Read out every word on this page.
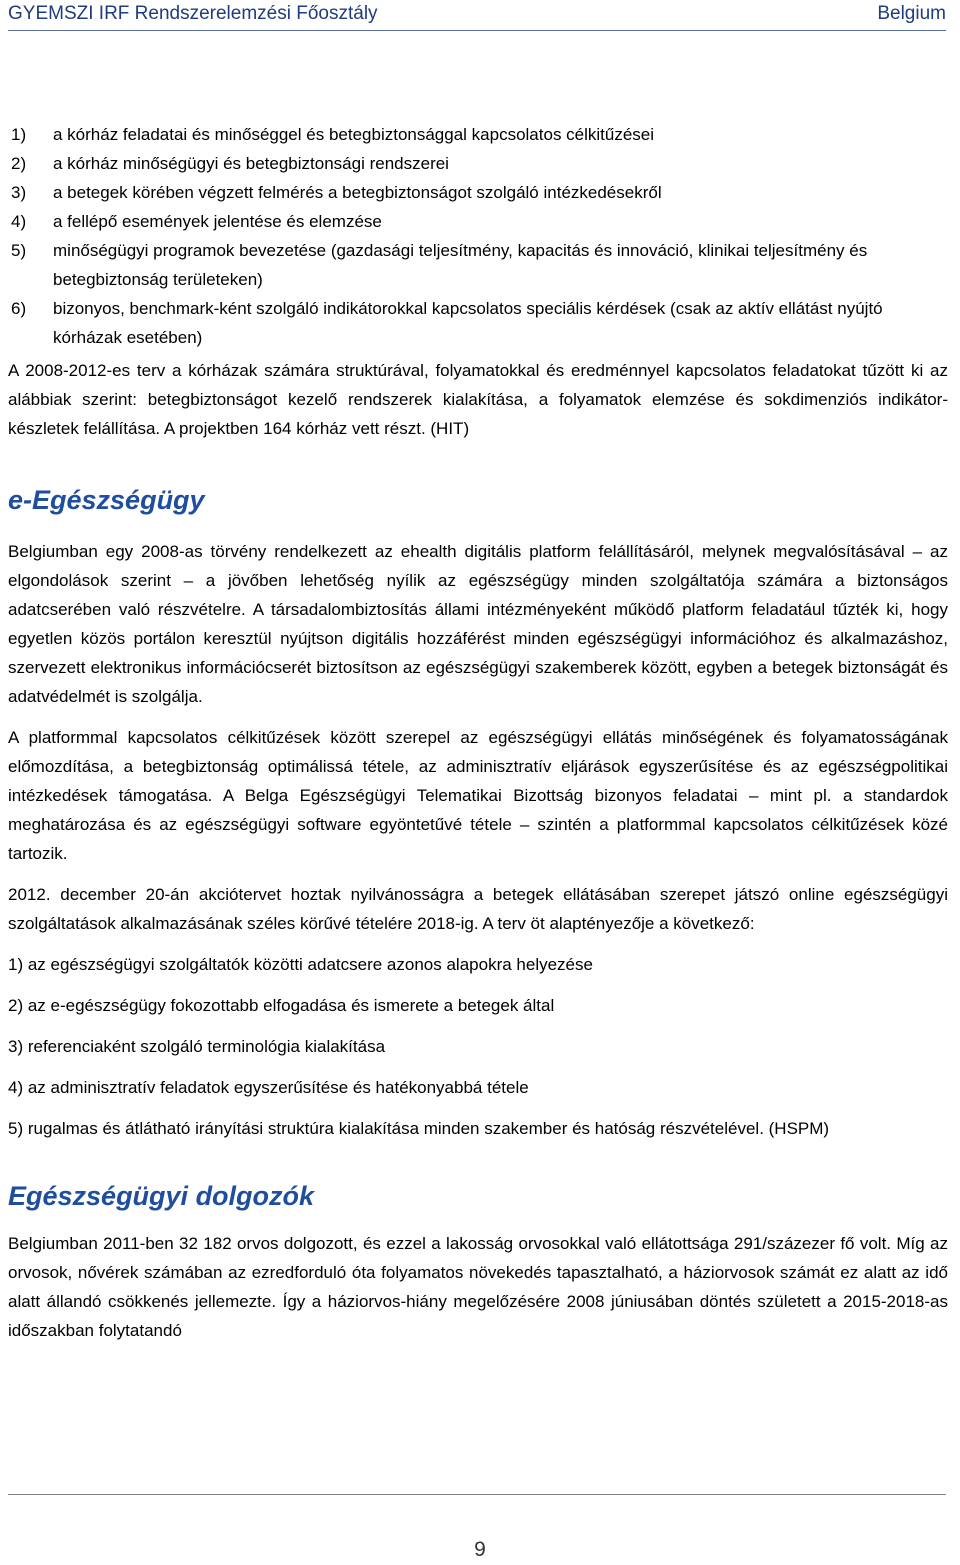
GYEMSZI IRF Rendszerelemzési Főosztály	Belgium
1)	a kórház feladatai és minőséggel és betegbiztonsággal kapcsolatos célkitűzései
2)	a kórház minőségügyi és betegbiztonsági rendszerei
3)	a betegek körében végzett felmérés a betegbiztonságot szolgáló intézkedésekről
4)	a fellépő események jelentése és elemzése
5)	minőségügyi programok bevezetése (gazdasági teljesítmény, kapacitás és innováció, klinikai teljesítmény és betegbiztonság területeken)
6)	bizonyos, benchmark-ként szolgáló indikátorokkal kapcsolatos speciális kérdések (csak az aktív ellátást nyújtó kórházak esetében)

A 2008-2012-es terv a kórházak számára struktúrával, folyamatokkal és eredménnyel kapcsolatos feladatokat tűzött ki az alábbiak szerint: betegbiztonságot kezelő rendszerek kialakítása, a folyamatok elemzése és sokdimenziós indikátor-készletek felállítása. A projektben 164 kórház vett részt. (HIT)

e-Egészségügy

Belgiumban egy 2008-as törvény rendelkezett az ehealth digitális platform felállításáról, melynek megvalósításával – az elgondolások szerint – a jövőben lehetőség nyílik az egészségügy minden szolgáltatója számára a biztonságos adatcserében való részvételre. A társadalombiztosítás állami intézményeként működő platform feladatául tűzték ki, hogy egyetlen közös portálon keresztül nyújtson digitális hozzáférést minden egészségügyi információhoz és alkalmazáshoz, szervezett elektronikus információcserét biztosítson az egészségügyi szakemberek között, egyben a betegek biztonságát és adatvédelmét is szolgálja.

A platformmal kapcsolatos célkitűzések között szerepel az egészségügyi ellátás minőségének és folyamatosságának előmozdítása, a betegbiztonság optimálissá tétele, az adminisztratív eljárások egyszerűsítése és az egészségpolitikai intézkedések támogatása. A Belga Egészségügyi Telematikai Bizottság bizonyos feladatai – mint pl. a standardok meghatározása és az egészségügyi software egyöntetűvé tétele – szintén a platformmal kapcsolatos célkitűzések közé tartozik.

2012. december 20-án akciótervet hoztak nyilvánosságra a betegek ellátásában szerepet játszó online egészségügyi szolgáltatások alkalmazásának széles körűvé tételére 2018-ig. A terv öt alaptényezője a következő:

1) az egészségügyi szolgáltatók közötti adatcsere azonos alapokra helyezése

2) az e-egészségügy fokozottabb elfogadása és ismerete a betegek által

3) referenciaként szolgáló terminológia kialakítása

4) az adminisztratív feladatok egyszerűsítése és hatékonyabbá tétele

5) rugalmas és átlátható irányítási struktúra kialakítása minden szakember és hatóság részvételével. (HSPM)

Egészségügyi dolgozók

Belgiumban 2011-ben 32 182 orvos dolgozott, és ezzel a lakosság orvosokkal való ellátottsága 291/százezer fő volt. Míg az orvosok, nővérek számában az ezredforduló óta folyamatos növekedés tapasztalható, a háziorvosok számát ez alatt az idő alatt állandó csökkenés jellemezte. Így a háziorvos-hiány megelőzésére 2008 júniusában döntés született a 2015-2018-as időszakban folytatandó

9
